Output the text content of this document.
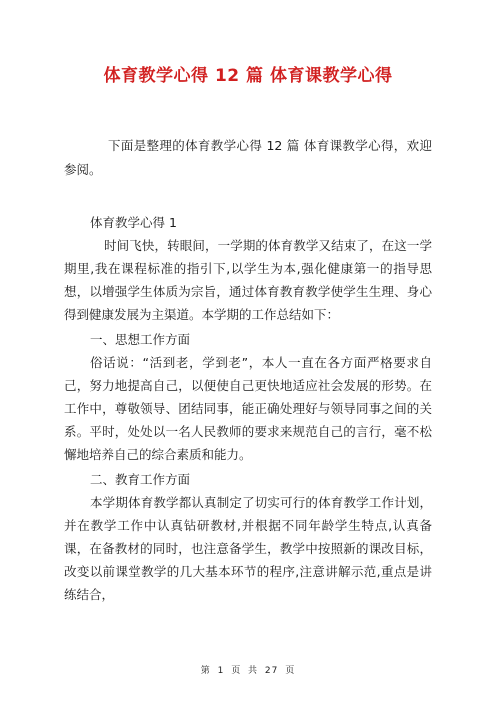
体育教学心得 12 篇 体育课教学心得
下面是整理的体育教学心得 12 篇 体育课教学心得，欢迎参阅。

体育教学心得 1

时间飞快，转眼间，一学期的体育教学又结束了，在这一学期里,我在课程标准的指引下,以学生为本,强化健康第一的指导思想，以增强学生体质为宗旨，通过体育教育教学使学生生理、身心得到健康发展为主渠道。本学期的工作总结如下：

一、思想工作方面

俗话说：“活到老，学到老”，本人一直在各方面严格要求自己，努力地提高自己，以便使自己更快地适应社会发展的形势。在工作中，尊敬领导、团结同事，能正确处理好与领导同事之间的关系。平时，处处以一名人民教师的要求来规范自己的言行，毫不松懈地培养自己的综合素质和能力。

二、教育工作方面

本学期体育教学都认真制定了切实可行的体育教学工作计划，并在教学工作中认真钻研教材,并根据不同年龄学生特点,认真备课，在备教材的同时，也注意备学生，教学中按照新的课改目标，改变以前课堂教学的几大基本环节的程序,注意讲解示范,重点是讲练结合，

第 1 页 共 27 页
